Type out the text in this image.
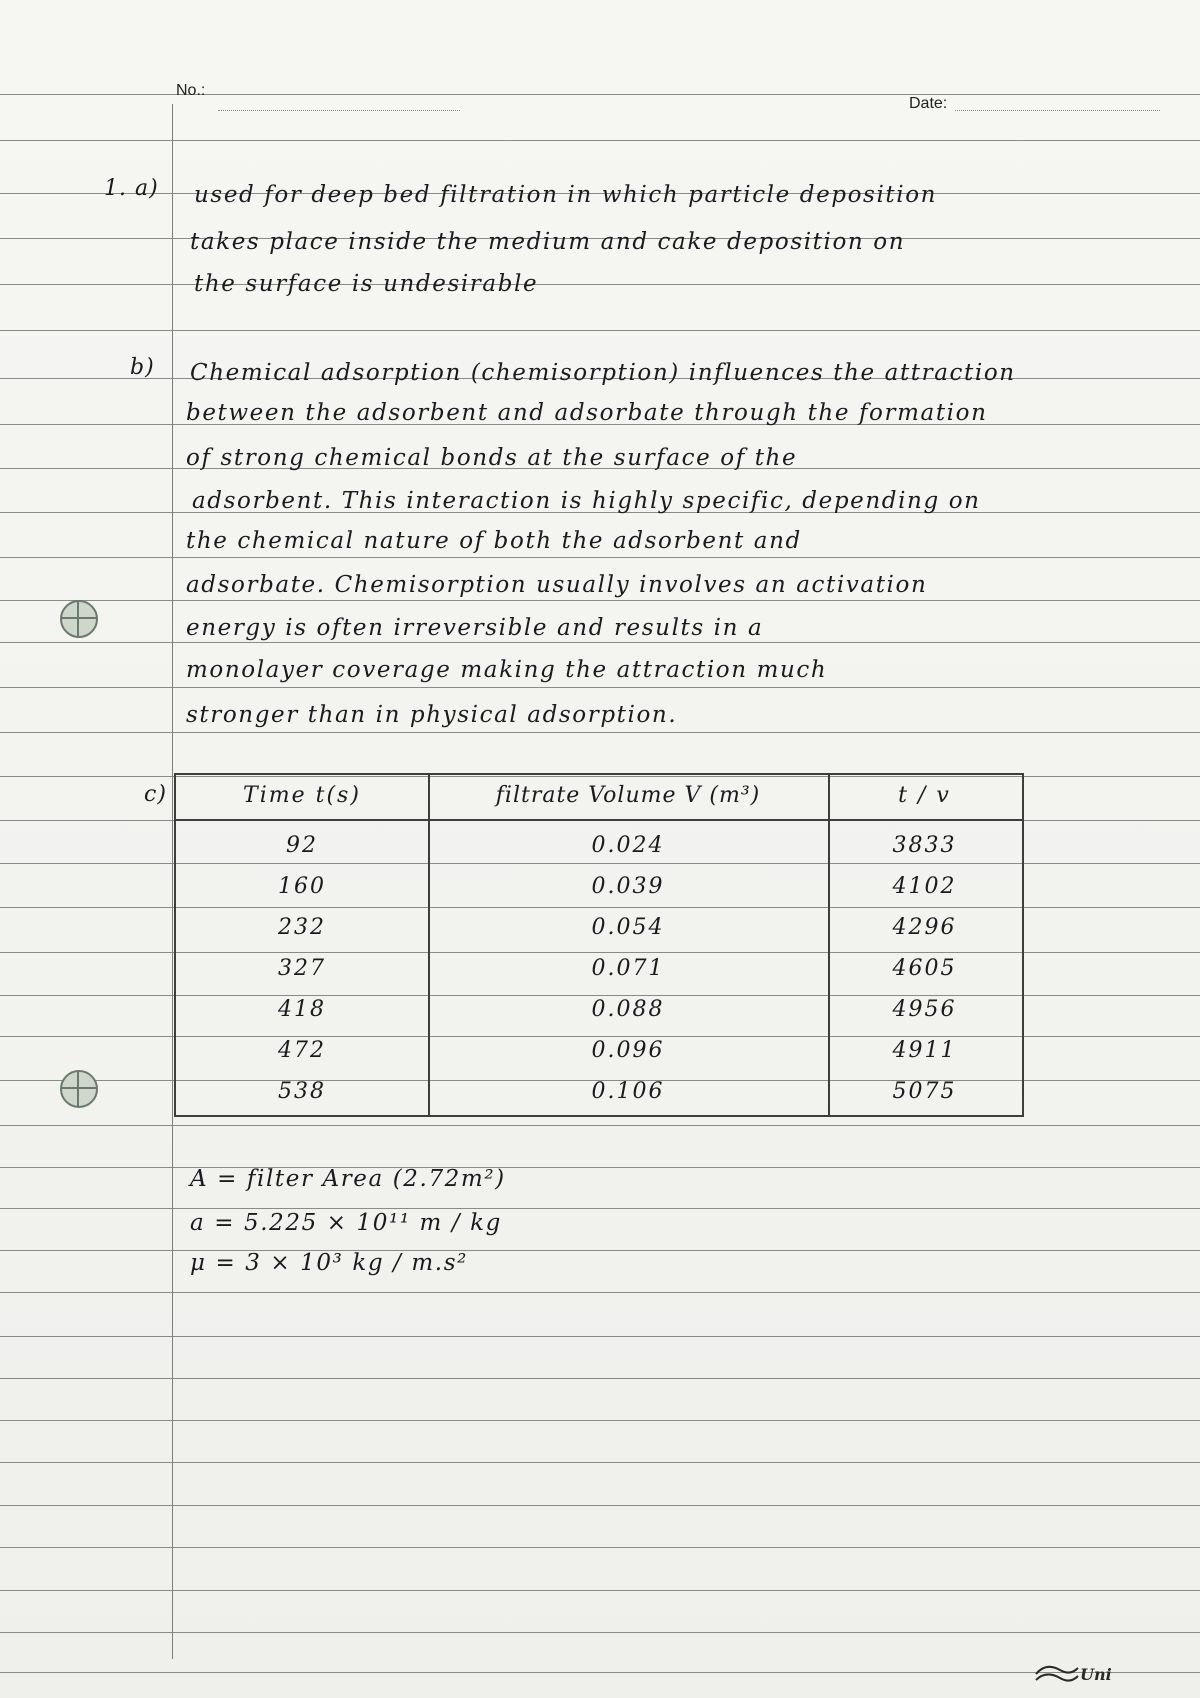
No.:
Date:
1. a) used for deep bed filtration in which particle deposition
takes place inside the medium and cake deposition on
the surface is undesirable
b) Chemical adsorption (chemisorption) influences the attraction
between the adsorbent and adsorbate through the formation
of strong chemical bonds at the surface of the
adsorbent. This interaction is highly specific, depending on
the chemical nature of both the adsorbent and
adsorbate. Chemisorption usually involves an activation
energy is often irreversible and results in a
monolayer coverage making the attraction much
stronger than in physical adsorption.
c)	Time t(s)	filtrate Volume V (m³)	t / v
92	0.024	3833
160	0.039	4102
232	0.054	4296
327	0.071	4605
418	0.088	4956
472	0.096	4911
538	0.106	5075
A = filter Area (2.72m²)
a = 5.225 × 10¹¹ m / kg
μ = 3 × 10³ kg / m.s²
Uni
